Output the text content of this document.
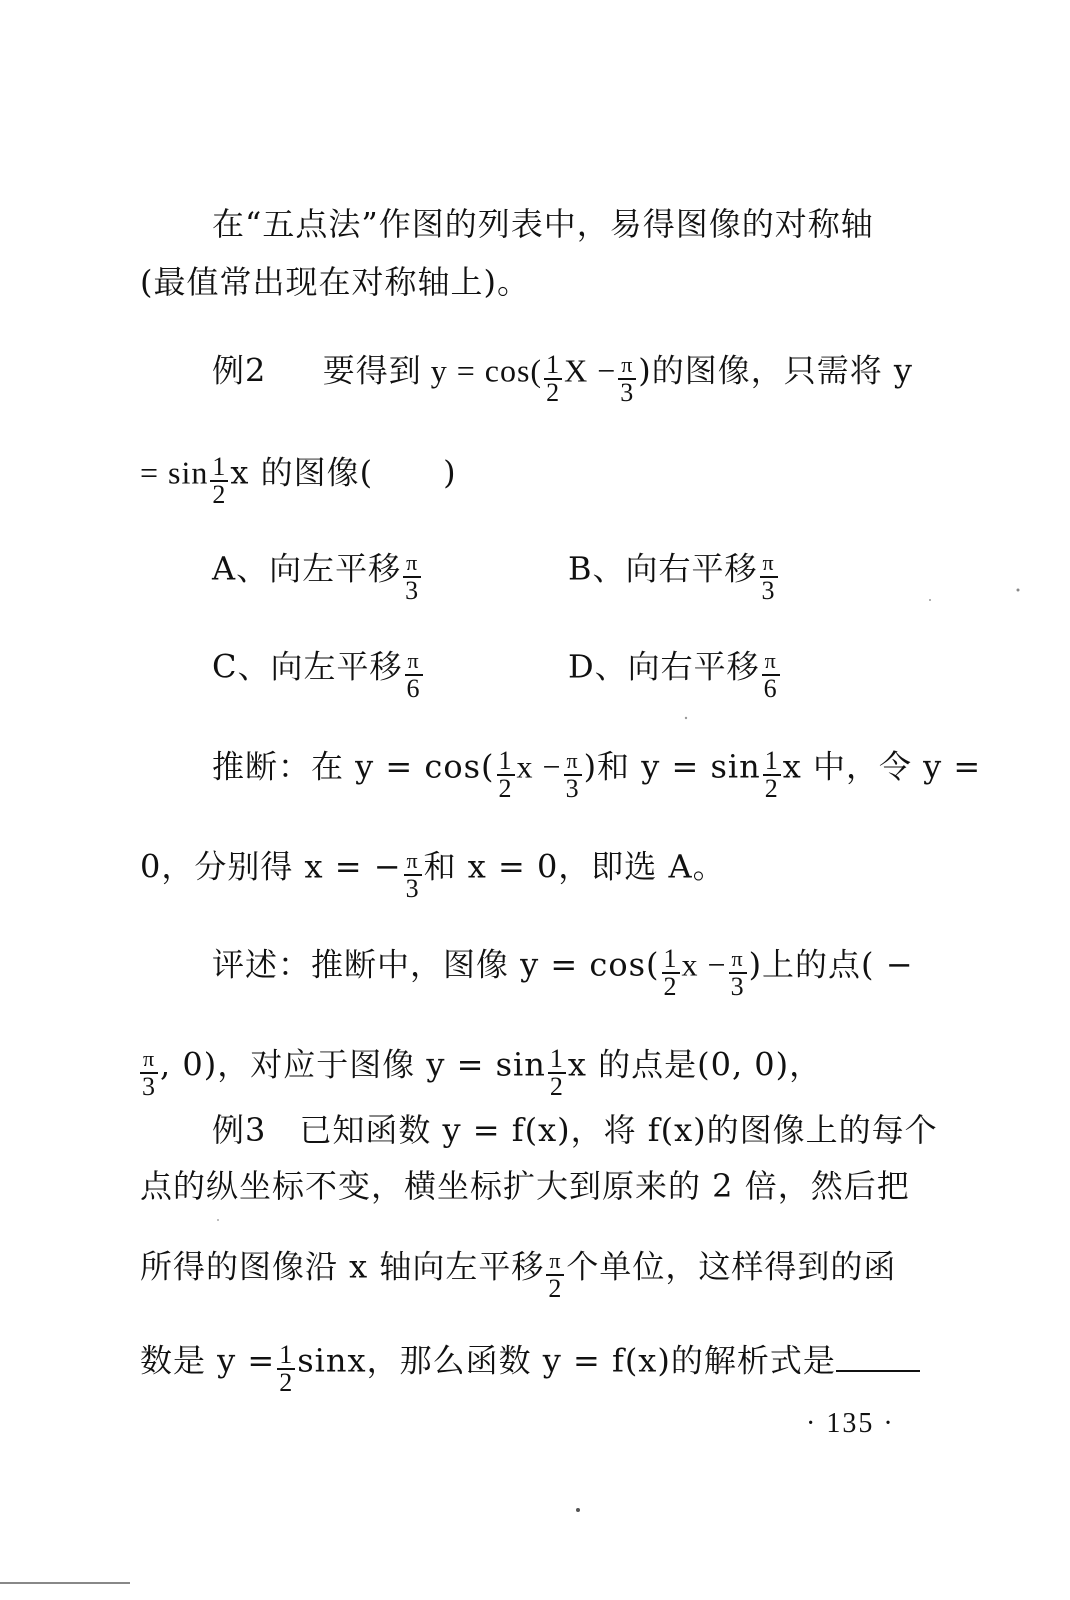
在“五点法”作图的列表中，易得图像的对称轴
(最值常出现在对称轴上)。
例2 要得到 $y = \cos( \frac{1}{2}$ $X - \frac{\pi}{3}$ )的图像，只需将 y
= $\sin \frac{1}{2}$ x 的图像( )
A、向左平移 $\frac{\pi}{3}$	B、向右平移 $\frac{\pi}{3}$
C、向左平移 $\frac{\pi}{6}$	D、向右平移 $\frac{\pi}{6}$
推断：在 $y = \cos( \frac{1}{2}$ $x - \frac{\pi}{3}$ )和 $y = \sin \frac{1}{2}$ x 中，令 y =
0，分别得 x = − $\frac{\pi}{3}$ 和 x = 0，即选 A。
评述：推断中，图像 $y = \cos( \frac{1}{2}$ $x - \frac{\pi}{3}$ )上的点( −
$\frac{\pi}{3}$ , 0)，对应于图像 $y = \sin \frac{1}{2}$ x 的点是(0, 0)，
例3　已知函数 y = f(x)，将 f(x)的图像上的每个
点的纵坐标不变，横坐标扩大到原来的 2 倍，然后把
所得的图像沿 x 轴向左平移 $\frac{\pi}{2}$ 个单位，这样得到的函
数是 $y = \frac{1}{2}$ sinx，那么函数 y = f(x)的解析式是
· 135 ·
